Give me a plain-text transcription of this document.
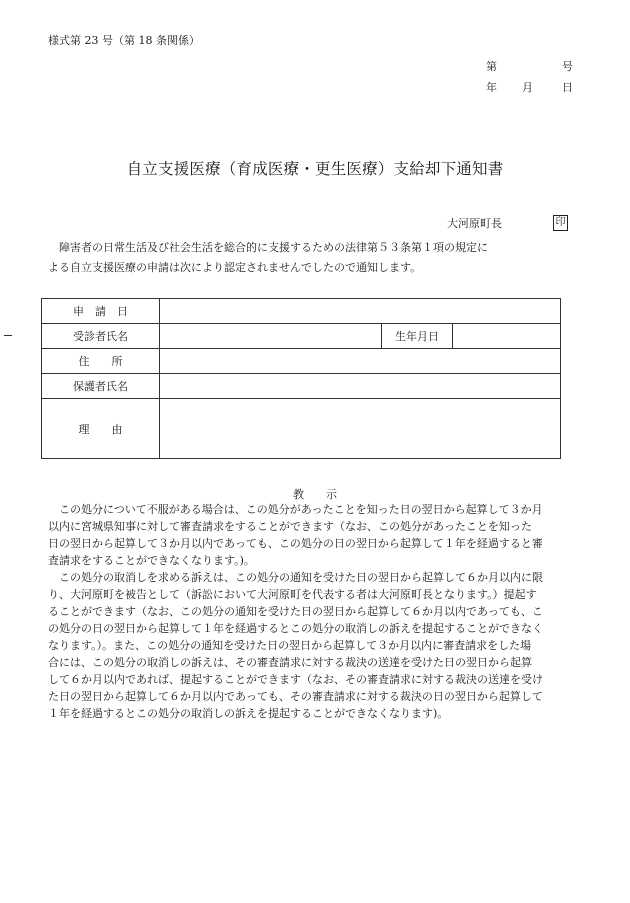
様式第 23 号（第 18 条関係）
第	号
年 月	日
自立支援医療（育成医療・更生医療）支給却下通知書
大河原町長	印

　障害者の日常生活及び社会生活を総合的に支援するための法律第５３条第１項の規定に

よる自立支援医療の申請は次により認定されませんでしたので通知します。

申　請　日			
受診者氏名		生年月日	
住　　所			
保護者氏名			
理　　由			
教　　示

　この処分について不服がある場合は、この処分があったことを知った日の翌日から起算して３か月

以内に宮城県知事に対して審査請求をすることができます（なお、この処分があったことを知った

日の翌日から起算して３か月以内であっても、この処分の日の翌日から起算して１年を経過すると審

査請求をすることができなくなります。)。

　この処分の取消しを求める訴えは、この処分の通知を受けた日の翌日から起算して６か月以内に限

り、大河原町を被告として（訴訟において大河原町を代表する者は大河原町長となります。）提起す

ることができます（なお、この処分の通知を受けた日の翌日から起算して６か月以内であっても、こ

の処分の日の翌日から起算して１年を経過するとこの処分の取消しの訴えを提起することができなく

なります。）。また、この処分の通知を受けた日の翌日から起算して３か月以内に審査請求をした場

合には、この処分の取消しの訴えは、その審査請求に対する裁決の送達を受けた日の翌日から起算

して６か月以内であれば、提起することができます（なお、その審査請求に対する裁決の送達を受け

た日の翌日から起算して６か月以内であっても、その審査請求に対する裁決の日の翌日から起算して

１年を経過するとこの処分の取消しの訴えを提起することができなくなります)。
